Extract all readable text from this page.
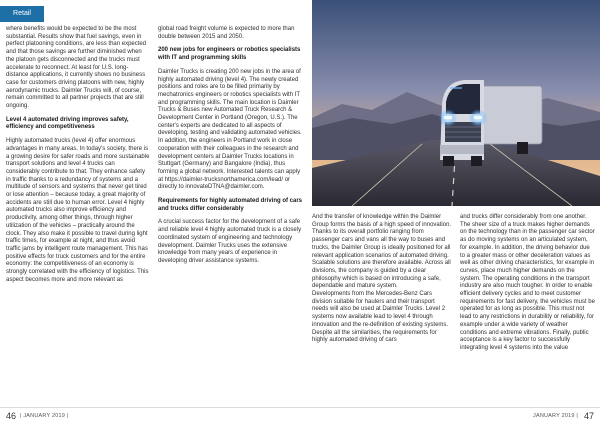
Retail

where benefits would be expected to be the most substantial. Results show that fuel savings, even in perfect platooning conditions, are less than expected and that those savings are further diminished when the platoon gets disconnected and the trucks must accelerate to reconnect. At least for U.S. long-distance applications, it currently shows no business case for customers driving platoons with new, highly aerodynamic trucks. Daimler Trucks will, of course, remain committed to all partner projects that are still ongoing.

Level 4 automated driving improves safety, efficiency and competitiveness

Highly automated trucks (level 4) offer enormous advantages in many areas. In today's society, there is a growing desire for safer roads and more sustainable transport solutions and level 4 trucks can considerably contribute to that. They enhance safety in traffic thanks to a redundancy of systems and a multitude of sensors and systems that never get tired or lose attention – because today, a great majority of accidents are still due to human error. Level 4 highly automated trucks also improve efficiency and productivity, among other things, through higher utilization of the vehicles – practically around the clock. They also make it possible to travel during light traffic times, for example at night, and thus avoid traffic jams by intelligent route management. This has positive effects for truck customers and for the entire economy: the competitiveness of an economy is strongly correlated with the efficiency of logistics. This aspect becomes more and more relevant as

global road freight volume is expected to more than double between 2015 and 2050.

200 new jobs for engineers or robotics specialists with IT and programming skills

Daimler Trucks is creating 200 new jobs in the area of highly automated driving (level 4). The newly created positions and roles are to be filled primarily by mechatronics engineers or robotics specialists with IT and programming skills. The main location is Daimler Trucks & Buses new Automated Truck Research & Development Center in Portland (Oregon, U.S.). The center's experts are dedicated to all aspects of developing, testing and validating automated vehicles. In addition, the engineers in Portland work in close cooperation with their colleagues in the research and development centers at Daimler Trucks locations in Stuttgart (Germany) and Bangalore (India), thus forming a global network. Interested talents can apply at https://daimler-trucksnorthamerica.com/lead/ or directly to innovateDTNA@daimler.com.

Requirements for highly automated driving of cars and trucks differ considerably

A crucial success factor for the development of a safe and reliable level 4 highly automated truck is a closely coordinated system of engineering and technology development. Daimler Trucks uses the extensive knowledge from many years of experience in developing driver assistance systems.

And the transfer of knowledge within the Daimler Group forms the basis of a high speed of innovation. Thanks to its overall portfolio ranging from passenger cars and vans all the way to buses and trucks, the Daimler Group is ideally positioned for all relevant application scenarios of automated driving. Scalable solutions are therefore available. Across all divisions, the company is guided by a clear philosophy which is based on introducing a safe, dependable and mature system.

Developments from the Mercedes-Benz Cars division suitable for haulers and their transport needs will also be used at Daimler Trucks. Level 2 systems now available lead to level 4 through innovation and the re-definition of existing systems. Despite all the similarities, the requirements for highly automated driving of cars

and trucks differ considerably from one another. The sheer size of a truck makes higher demands on the technology than in the passenger car sector as do moving systems on an articulated system, for example. In addition, the driving behavior due to a greater mass or other deceleration values as well as other driving characteristics, for example in curves, place much higher demands on the system. The operating conditions in the transport industry are also much tougher. In order to enable efficient delivery cycles and to meet customer requirements for fast delivery, the vehicles must be operated for as long as possible. This must not lead to any restrictions in durability or reliability, for example under a wide variety of weather conditions and extreme vibrations. Finally, public acceptance is a key factor to successfully integrating level 4 systems into the value

46 | JANUARY 2019 |	JANUARY 2019 | 47
